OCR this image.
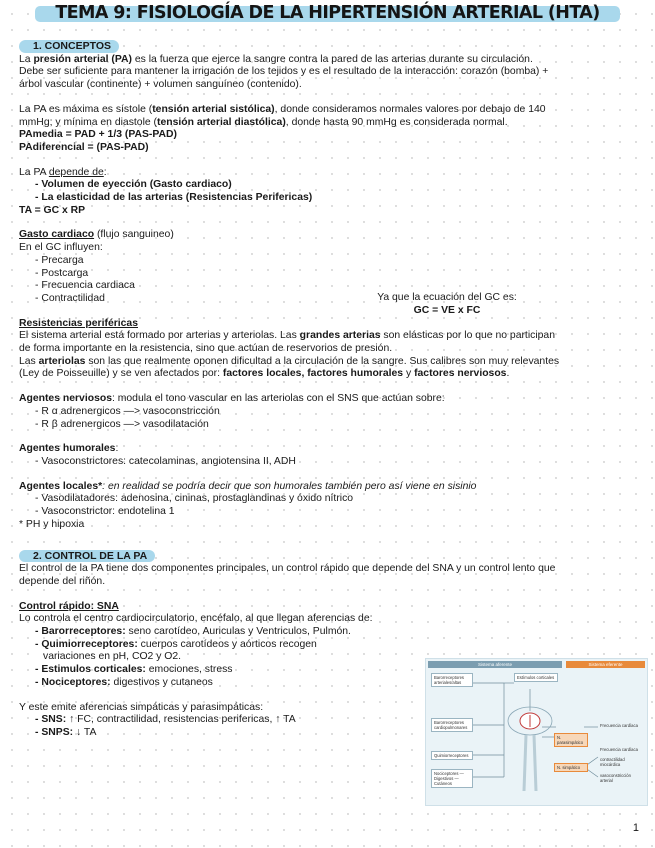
TEMA 9: FISIOLOGÍA DE LA HIPERTENSIÓN ARTERIAL (HTA)
1. CONCEPTOS

La presión arterial (PA) es la fuerza que ejerce la sangre contra la pared de las arterias durante su circulación.

Debe ser suficiente para mantener la irrigación de los tejidos y es el resultado de la interacción: corazón (bomba) +

árbol vascular (continente) + volumen sanguíneo (contenido).

La PA es máxima es sístole (tensión arterial sistólica), donde consideramos normales valores por debajo de 140

mmHg; y mínima en diastole (tensión arterial diastólica), donde hasta 90 mmHg es considerada normal.

PAmedia = PAD + 1/3 (PAS-PAD)

PAdiferencial = (PAS-PAD)

La PA depende de:

- Volumen de eyección (Gasto cardiaco)

- La elasticidad de las arterias (Resistencias Perifericas)

TA = GC x RP

Gasto cardiaco (flujo sanguineo)

En el GC influyen:

- Precarga

- Postcarga

- Frecuencia cardiaca

- Contractilidad	Ya que la ecuación del GC es:

GC = VE x FC

Resistencias periféricas

El sistema arterial está formado por arterias y arteriolas. Las grandes arterias son elásticas por lo que no participan

de forma importante en la resistencia, sino que actúan de reservorios de presión.

Las arteriolas son las que realmente oponen dificultad a la circulación de la sangre. Sus calibres son muy relevantes

(Ley de Poisseuille) y se ven afectados por: factores locales, factores humorales y factores nerviosos.

Agentes nerviosos: modula el tono vascular en las arteriolas con el SNS que actúan sobre:

- R α adrenergicos —> vasoconstricción

- R β adrenergicos —> vasodilatación

Agentes humorales:

- Vasoconstrictores: catecolaminas, angiotensina II, ADH

Agentes locales*: en realidad se podría decir que son humorales también pero así viene en sisinio

- Vasodilatadores: adenosina, cininas, prostaglandinas y óxido nítrico

- Vasoconstrictor: endotelina 1

* PH y hipoxia

2. CONTROL DE LA PA

El control de la PA tiene dos componentes principales, un control rápido que depende del SNA y un control lento que

depende del riñón.

Control rápido: SNA

Lo controla el centro cardiocirculatorio, encéfalo, al que llegan aferencias de:

- Barorreceptores: seno carotídeo, Auriculas y Ventriculos, Pulmón.

- Quimiorreceptores: cuerpos carotídeos y aórticos recogen

variaciones en pH, CO2 y O2.

- Estimulos corticales: emociones, stress

- Nociceptores: digestivos y cutaneos

Y este emite aferencias simpáticas y parasimpáticas:

- SNS: ↑ FC, contractilidad, resistencias perifericas, ↑ TA

- SNPS: ↓ TA

Sistema aferente	Sistema eferente
Barorreceptores arteriales/altas
Estímulos corticales
Barorreceptores cardiopulmonares
Quimiorreceptores
Nociceptores — Digestivos — Cutáneos
N. parasimpático
N. simpático
Frecuencia cardíaca
Frecuencia cardíaca
contractilidad miocárdica
vasoconstricción arterial
1
